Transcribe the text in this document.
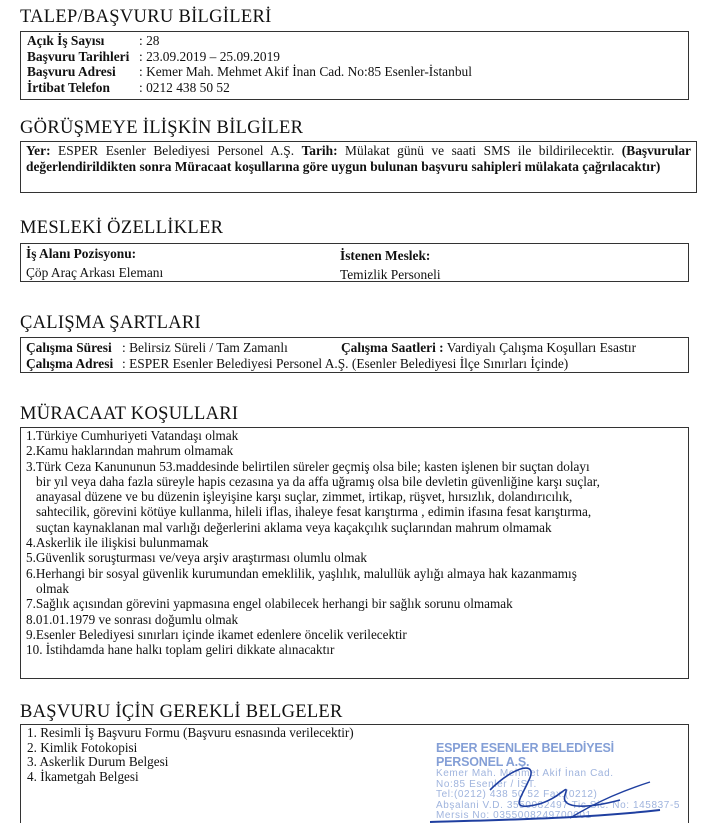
TALEP/BAŞVURU BİLGİLERİ
Açık İş Sayısı	: 28
Başvuru Tarihleri : 23.09.2019 – 25.09.2019
Başvuru Adresi	: Kemer Mah. Mehmet Akif İnan Cad. No:85 Esenler-İstanbul
İrtibat Telefon	: 0212 438 50 52
GÖRÜŞMEYE İLİŞKİN BİLGİLER
Yer: ESPER Esenler Belediyesi Personel A.Ş. Tarih: Mülakat günü ve saati SMS ile bildirilecektir. (Başvurular değerlendirildikten sonra Müracaat koşullarına göre uygun bulunan başvuru sahipleri mülakata çağrılacaktır)
MESLEKİ ÖZELLİKLER
İş Alanı Pozisyonu:
Çöp Araç Arkası Elemanı
İstenen Meslek:
Temizlik Personeli
ÇALIŞMA ŞARTLARI
Çalışma Süresi : Belirsiz Süreli / Tam Zamanlı	Çalışma Saatleri : Vardiyalı Çalışma Koşulları Esastır
Çalışma Adresi : ESPER Esenler Belediyesi Personel A.Ş. (Esenler Belediyesi İlçe Sınırları İçinde)
MÜRACAAT KOŞULLARI
1.Türkiye Cumhuriyeti Vatandaşı olmak
2.Kamu haklarından mahrum olmamak
3.Türk Ceza Kanununun 53.maddesinde belirtilen süreler geçmiş olsa bile; kasten işlenen bir suçtan dolayı
bir yıl veya daha fazla süreyle hapis cezasına ya da affa uğramış olsa bile devletin güvenliğine karşı suçlar,
anayasal düzene ve bu düzenin işleyişine karşı suçlar, zimmet, irtikap, rüşvet, hırsızlık, dolandırıcılık,
sahtecilik, görevini kötüye kullanma, hileli iflas, ihaleye fesat karıştırma , edimin ifasına fesat karıştırma,
suçtan kaynaklanan mal varlığı değerlerini aklama veya kaçakçılık suçlarından mahrum olmamak
4.Askerlik ile ilişkisi bulunmamak
5.Güvenlik soruşturması ve/veya arşiv araştırması olumlu olmak
6.Herhangi bir sosyal güvenlik kurumundan emeklilik, yaşlılık, malullük aylığı almaya hak kazanmamış
olmak
7.Sağlık açısından görevini yapmasına engel olabilecek herhangi bir sağlık sorunu olmamak
8.01.01.1979 ve sonrası doğumlu olmak
9.Esenler Belediyesi sınırları içinde ikamet edenlere öncelik verilecektir
10. İstihdamda hane halkı toplam geliri dikkate alınacaktır
BAŞVURU İÇİN GEREKLİ BELGELER
1. Resimli İş Başvuru Formu (Başvuru esnasında verilecektir)
2. Kimlik Fotokopisi
3. Askerlik Durum Belgesi
4. İkametgah Belgesi
ESPER ESENLER BELEDİYESİ PERSONEL A.Ş.
Kemer Mah. Mehmet Akif İnan Cad.
No:85 Esenler / İST.
Tel:(0212) 438 50 52 Fax:(0212)
Abşalani V.D. 3550082497 Tic.Sic. No: 145837-5
Mersis No: 0355008249700001
